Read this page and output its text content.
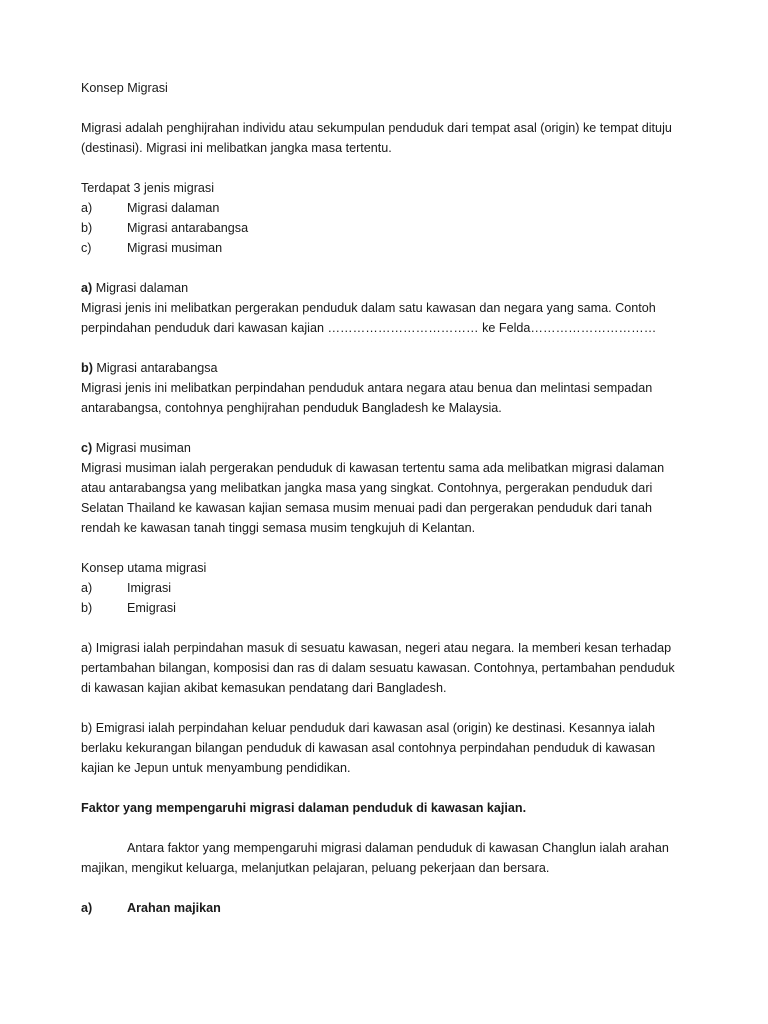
Konsep Migrasi
Migrasi adalah penghijrahan individu atau sekumpulan penduduk dari tempat asal (origin) ke tempat dituju
(destinasi). Migrasi ini melibatkan jangka masa tertentu.
Terdapat 3 jenis migrasi
a)	Migrasi dalaman
b)	Migrasi antarabangsa
c)	Migrasi musiman
a) Migrasi dalaman
Migrasi jenis ini melibatkan pergerakan penduduk dalam satu kawasan dan negara yang sama. Contoh
perpindahan penduduk dari kawasan kajian ……………………………… ke Felda…………………………
b) Migrasi antarabangsa
Migrasi jenis ini melibatkan perpindahan penduduk antara negara atau benua dan melintasi sempadan
antarabangsa, contohnya penghijrahan penduduk Bangladesh ke Malaysia.
c) Migrasi musiman
Migrasi musiman ialah pergerakan penduduk di kawasan tertentu sama ada melibatkan migrasi dalaman
atau antarabangsa yang melibatkan jangka masa yang singkat. Contohnya, pergerakan penduduk dari
Selatan Thailand ke kawasan kajian semasa musim menuai padi dan pergerakan penduduk dari tanah
rendah ke kawasan tanah tinggi semasa musim tengkujuh di Kelantan.
Konsep utama migrasi
a)	Imigrasi
b)	Emigrasi
a) Imigrasi ialah perpindahan masuk di sesuatu kawasan, negeri atau negara. Ia memberi kesan terhadap
pertambahan bilangan, komposisi dan ras di dalam sesuatu kawasan. Contohnya, pertambahan penduduk
di kawasan kajian akibat kemasukan pendatang dari Bangladesh.
b) Emigrasi ialah perpindahan keluar penduduk dari kawasan asal (origin) ke destinasi. Kesannya ialah
berlaku kekurangan bilangan penduduk di kawasan asal contohnya perpindahan penduduk di kawasan
kajian ke Jepun untuk menyambung pendidikan.
Faktor yang mempengaruhi migrasi dalaman penduduk di kawasan kajian.
Antara faktor yang mempengaruhi migrasi dalaman penduduk di kawasan Changlun ialah arahan
majikan, mengikut keluarga, melanjutkan pelajaran, peluang pekerjaan dan bersara.
a)	Arahan majikan
